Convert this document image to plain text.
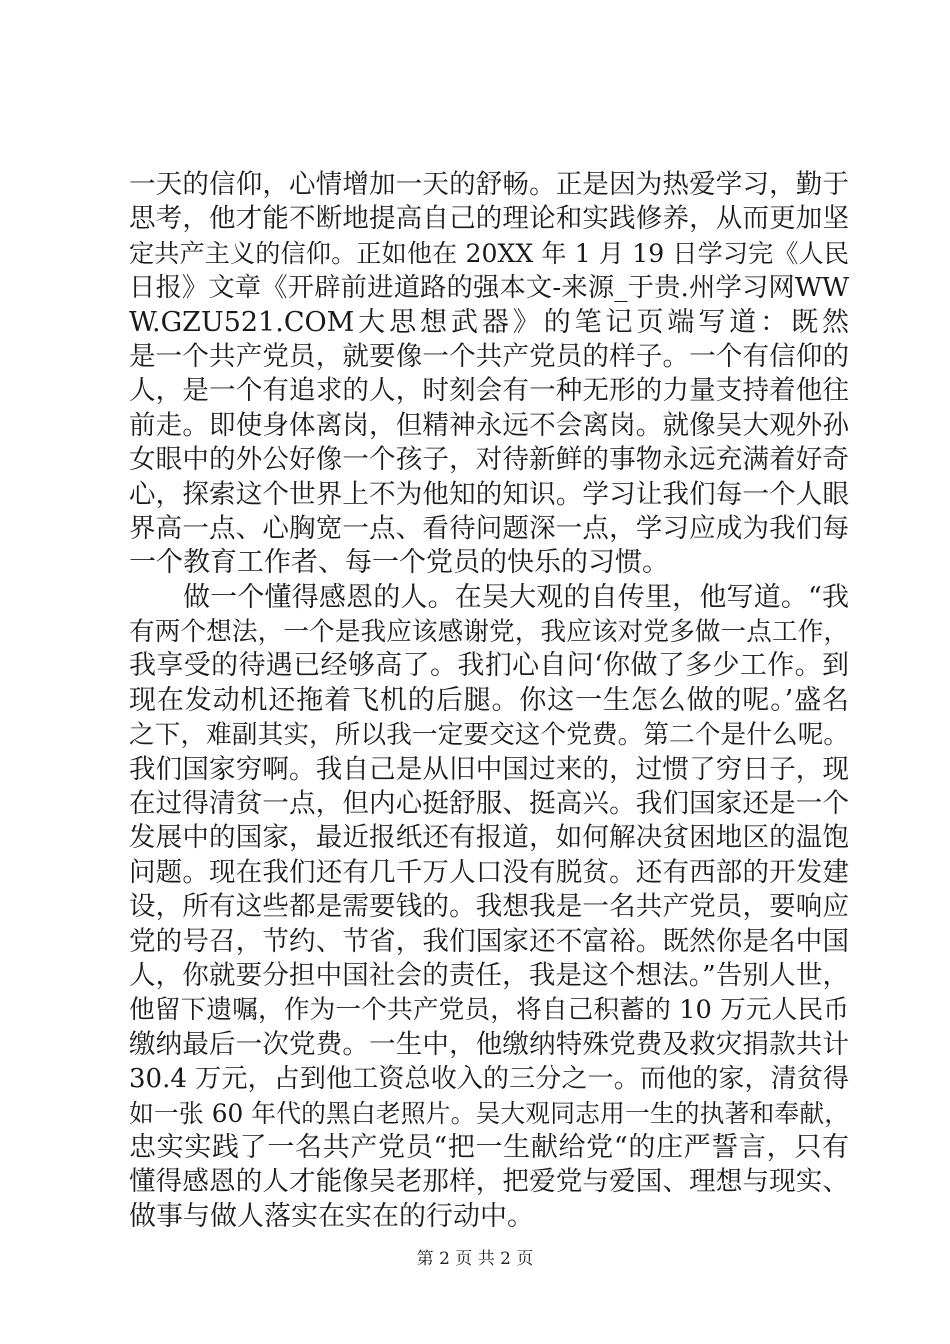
一天的信仰，心情增加一天的舒畅。正是因为热爱学习，勤于
思考，他才能不断地提高自己的理论和实践修养，从而更加坚
定共产主义的信仰。正如他在 20XX 年 1 月 19 日学习完《人民
日报》文章《开辟前进道路的强本文-来源_于贵.州学习网WW
W.GZU521.COM大思想武器》的笔记页端写道：既然
是一个共产党员，就要像一个共产党员的样子。一个有信仰的
人，是一个有追求的人，时刻会有一种无形的力量支持着他往
前走。即使身体离岗，但精神永远不会离岗。就像吴大观外孙
女眼中的外公好像一个孩子，对待新鲜的事物永远充满着好奇
心，探索这个世界上不为他知的知识。学习让我们每一个人眼
界高一点、心胸宽一点、看待问题深一点，学习应成为我们每
一个教育工作者、每一个党员的快乐的习惯。
做一个懂得感恩的人。在吴大观的自传里，他写道。“我
有两个想法，一个是我应该感谢党，我应该对党多做一点工作，
我享受的待遇已经够高了。我扪心自问‘你做了多少工作。到
现在发动机还拖着飞机的后腿。你这一生怎么做的呢。’盛名
之下，难副其实，所以我一定要交这个党费。第二个是什么呢。
我们国家穷啊。我自己是从旧中国过来的，过惯了穷日子，现
在过得清贫一点，但内心挺舒服、挺高兴。我们国家还是一个
发展中的国家，最近报纸还有报道，如何解决贫困地区的温饱
问题。现在我们还有几千万人口没有脱贫。还有西部的开发建
设，所有这些都是需要钱的。我想我是一名共产党员，要响应
党的号召，节约、节省，我们国家还不富裕。既然你是名中国
人，你就要分担中国社会的责任，我是这个想法。”告别人世，
他留下遗嘱，作为一个共产党员，将自己积蓄的 10 万元人民币
缴纳最后一次党费。一生中，他缴纳特殊党费及救灾捐款共计
30.4 万元，占到他工资总收入的三分之一。而他的家，清贫得
如一张 60 年代的黑白老照片。吴大观同志用一生的执著和奉献，
忠实实践了一名共产党员“把一生献给党“的庄严誓言，只有
懂得感恩的人才能像吴老那样，把爱党与爱国、理想与现实、
做事与做人落实在实在的行动中。
第 2 页 共 2 页
